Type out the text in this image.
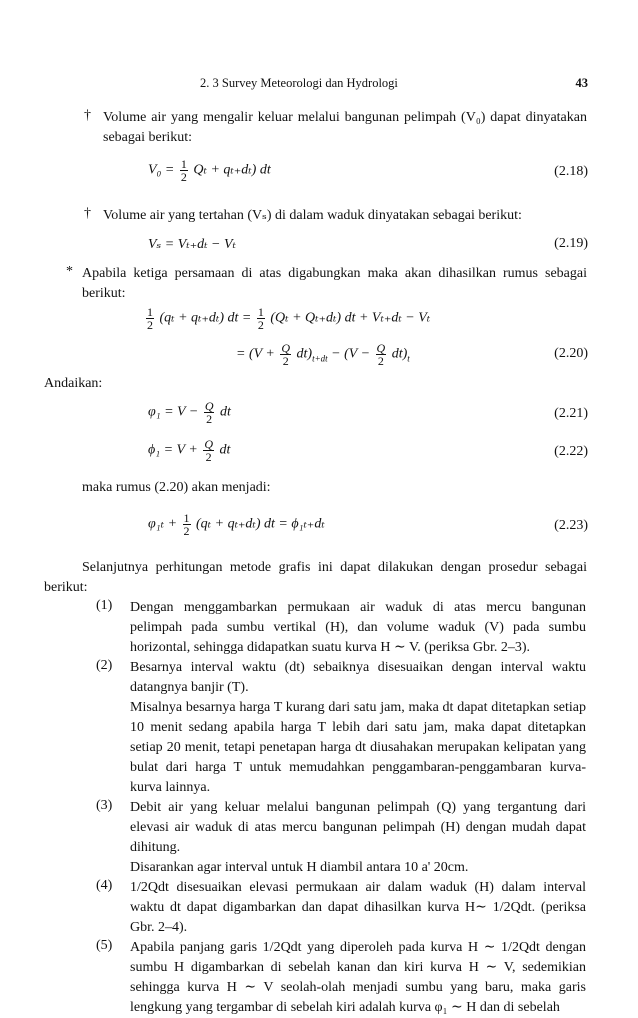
2. 3 Survey Meteorologi dan Hydrologi	43
† Volume air yang mengalir keluar melalui bangunan pelimpah (V₀) dapat dinyatakan sebagai berikut:
$V_0 = \frac{1}{2}$ Qₜ + qₜ₊dₜ) dt	(2.18)
† Volume air yang tertahan (Vₛ) di dalam waduk dinyatakan sebagai berikut:
Vₛ = Vₜ₊dₜ − Vₜ	(2.19)
* Apabila ketiga persamaan di atas digabungkan maka akan dihasilkan rumus sebagai berikut:
$\frac{1}{2} (q_t + q_{t+}d_t)$ dt = $\frac{1}{2} (Q_t + Q_{t+}d_t)$ dt + Vₜ₊dₜ − Vₜ
= $(V + \frac{Q}{2} dt)_{t+dt} - (V - \frac{Q}{2} dt)_t$	(2.20)
Andaikan:
$\varphi_1 = V - \frac{Q}{2}$ dt	(2.21)
$\phi_1 = V + \frac{Q}{2}$ dt	(2.22)
maka rumus (2.20) akan menjadi:
$\varphi_{1t} + \frac{1}{2} (q_t + q_{t+}d_t)$ dt = ϕ₁ₜ₊dₜ	(2.23)
Selanjutnya perhitungan metode grafis ini dapat dilakukan dengan prosedur sebagai berikut:
(1) Dengan menggambarkan permukaan air waduk di atas mercu bangunan pelimpah pada sumbu vertikal (H), dan volume waduk (V) pada sumbu horizontal, sehingga didapatkan suatu kurva H ∼ V. (periksa Gbr. 2–3).
(2) Besarnya interval waktu (dt) sebaiknya disesuaikan dengan interval waktu datangnya banjir (T).
Misalnya besarnya harga T kurang dari satu jam, maka dt dapat ditetapkan setiap 10 menit sedang apabila harga T lebih dari satu jam, maka dapat ditetapkan setiap 20 menit, tetapi penetapan harga dt diusahakan merupakan kelipatan yang bulat dari harga T untuk memudahkan penggambaran-penggambaran kurva-kurva lainnya.
(3) Debit air yang keluar melalui bangunan pelimpah (Q) yang tergantung dari elevasi air waduk di atas mercu bangunan pelimpah (H) dengan mudah dapat dihitung.
Disarankan agar interval untuk H diambil antara 10 a' 20cm.
(4) 1/2Qdt disesuaikan elevasi permukaan air dalam waduk (H) dalam interval waktu dt dapat digambarkan dan dapat dihasilkan kurva H∼ 1/2Qdt. (periksa Gbr. 2–4).
(5) Apabila panjang garis 1/2Qdt yang diperoleh pada kurva H ∼ 1/2Qdt dengan sumbu H digambarkan di sebelah kanan dan kiri kurva H ∼ V, sedemikian sehingga kurva H ∼ V seolah-olah menjadi sumbu yang baru, maka garis lengkung yang tergambar di sebelah kiri adalah kurva φ₁ ∼ H dan di sebelah
